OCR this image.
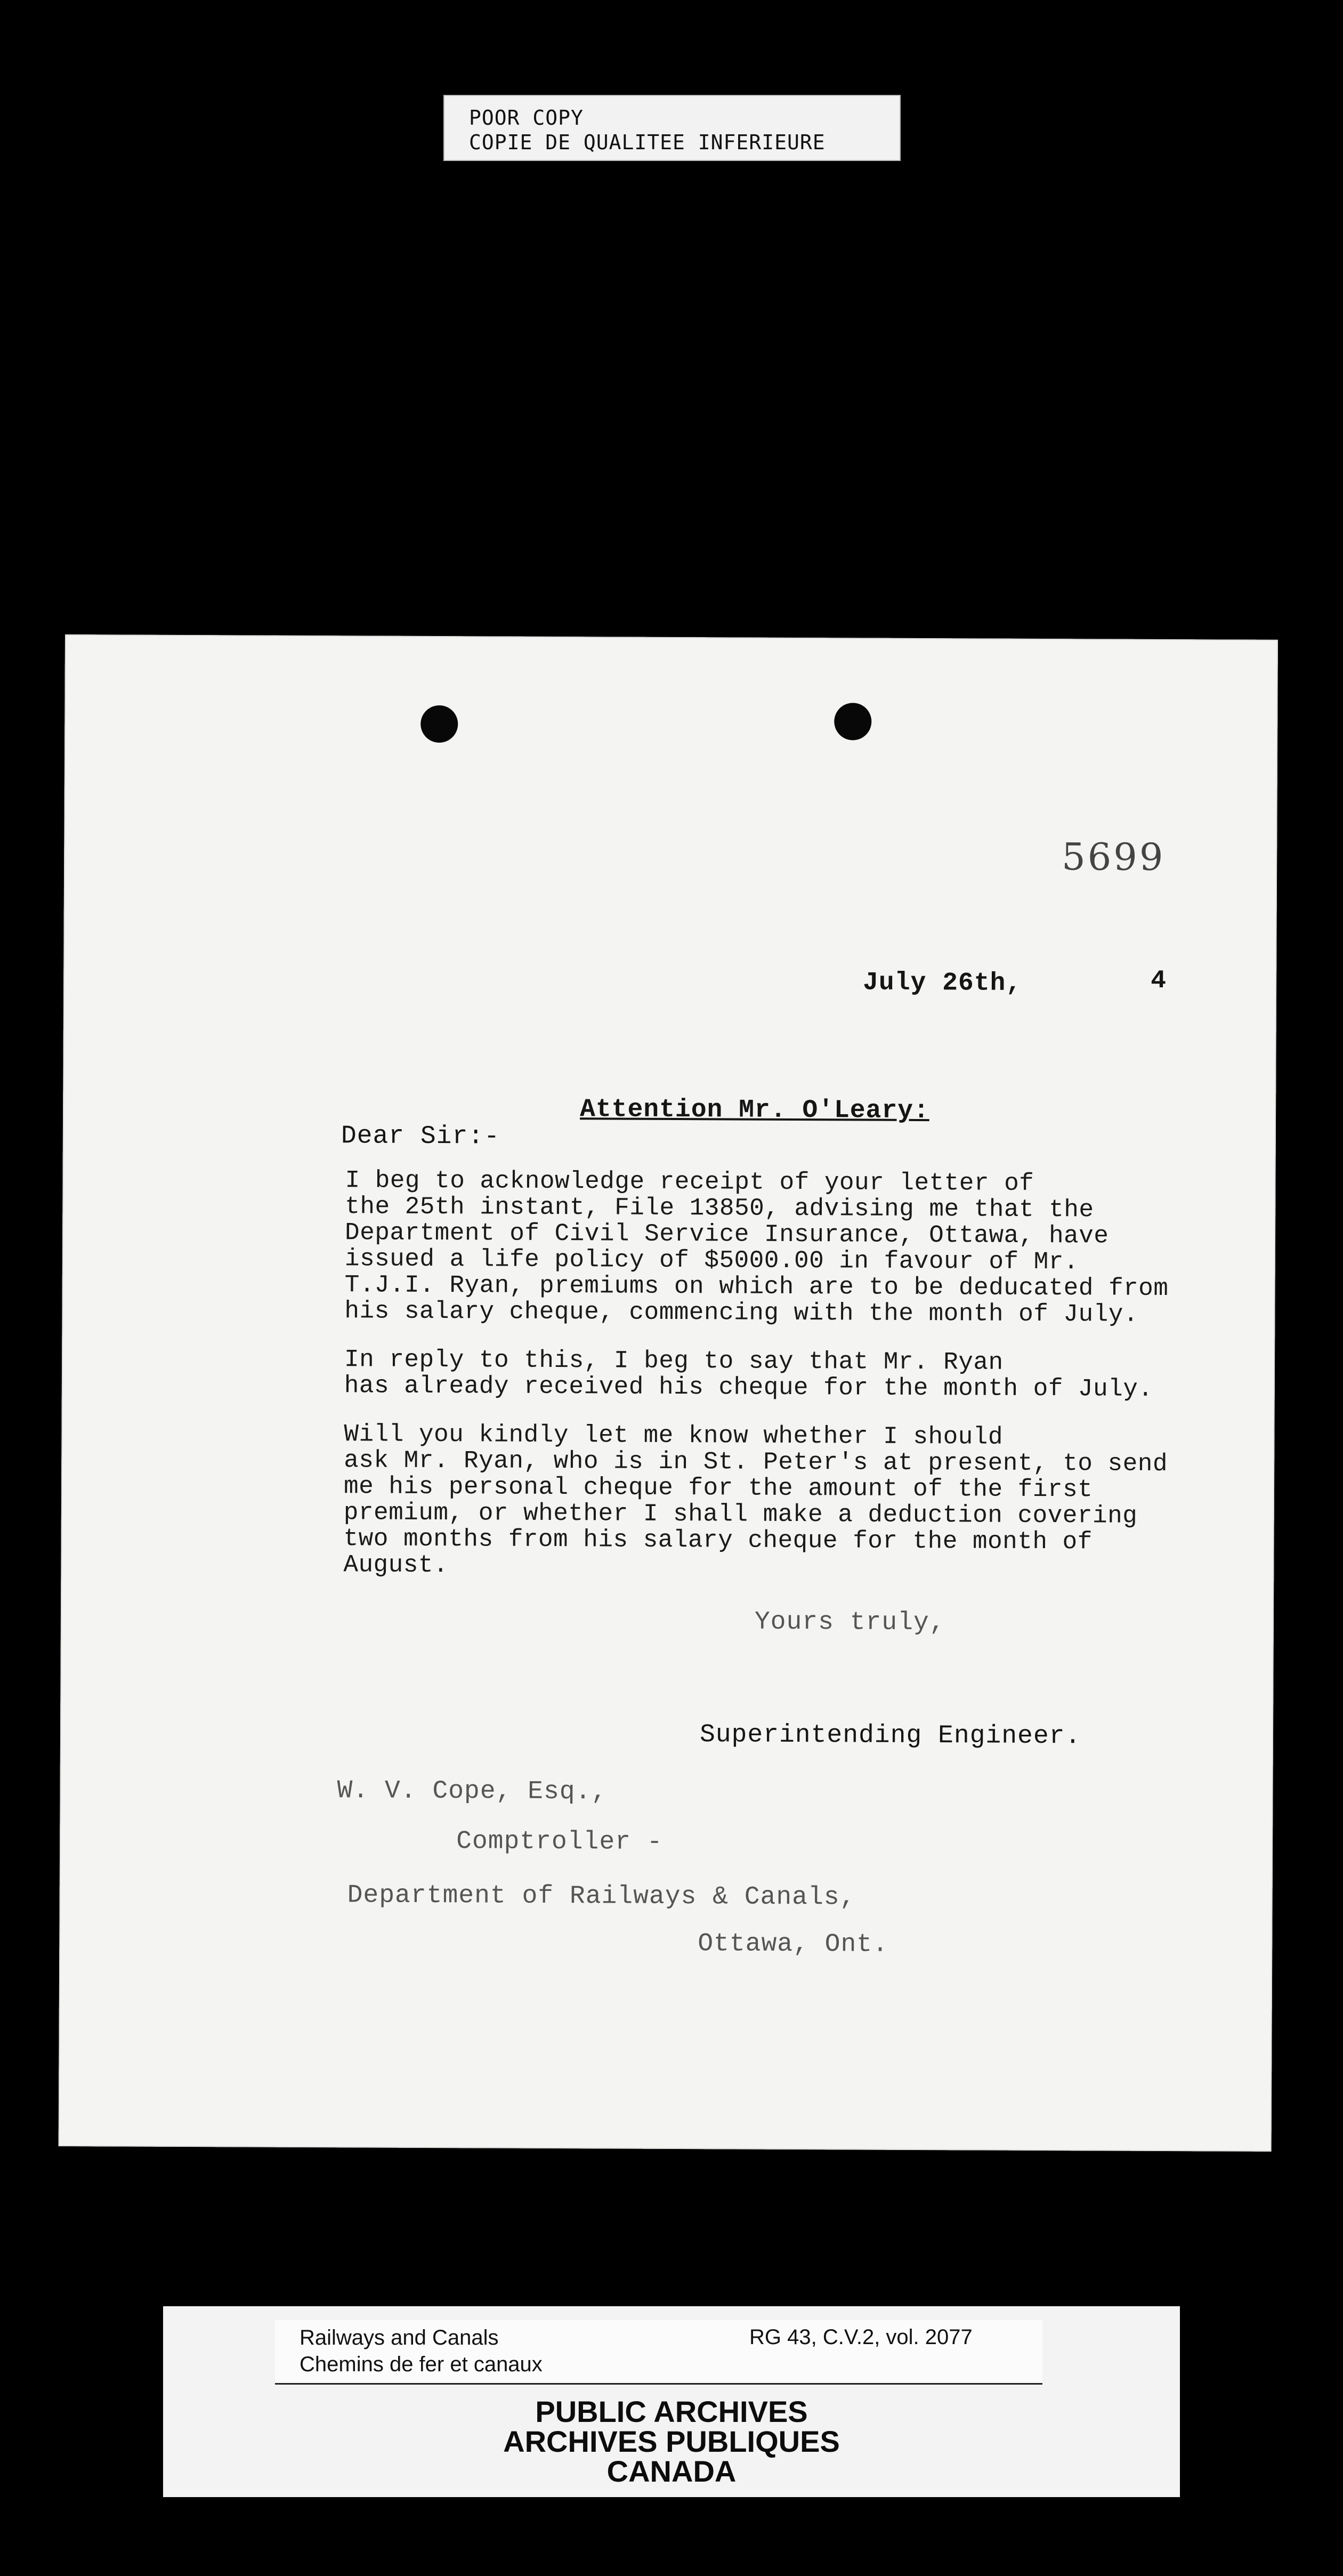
POOR COPY
COPIE DE QUALITEE INFERIEURE
5699
July 26th,	4
Attention Mr. O'Leary:
Dear Sir:-
I beg to acknowledge receipt of your letter of
the 25th instant, File 13850, advising me that the
Department of Civil Service Insurance, Ottawa, have
issued a life policy of $5000.00 in favour of Mr.
T.J.I. Ryan, premiums on which are to be deducated from
his salary cheque, commencing with the month of July.
In reply to this, I beg to say that Mr. Ryan
has already received his cheque for the month of July.
Will you kindly let me know whether I should
ask Mr. Ryan, who is in St. Peter's at present, to send
me his personal cheque for the amount of the first
premium, or whether I shall make a deduction covering
two months from his salary cheque for the month of
August.
Yours truly,
Superintending Engineer.
W. V. Cope, Esq.,
Comptroller -
Department of Railways & Canals,
Ottawa, Ont.
Railways and Canals
Chemins de fer et canaux
RG 43, C.V.2, vol. 2077
PUBLIC ARCHIVES
ARCHIVES PUBLIQUES
CANADA
